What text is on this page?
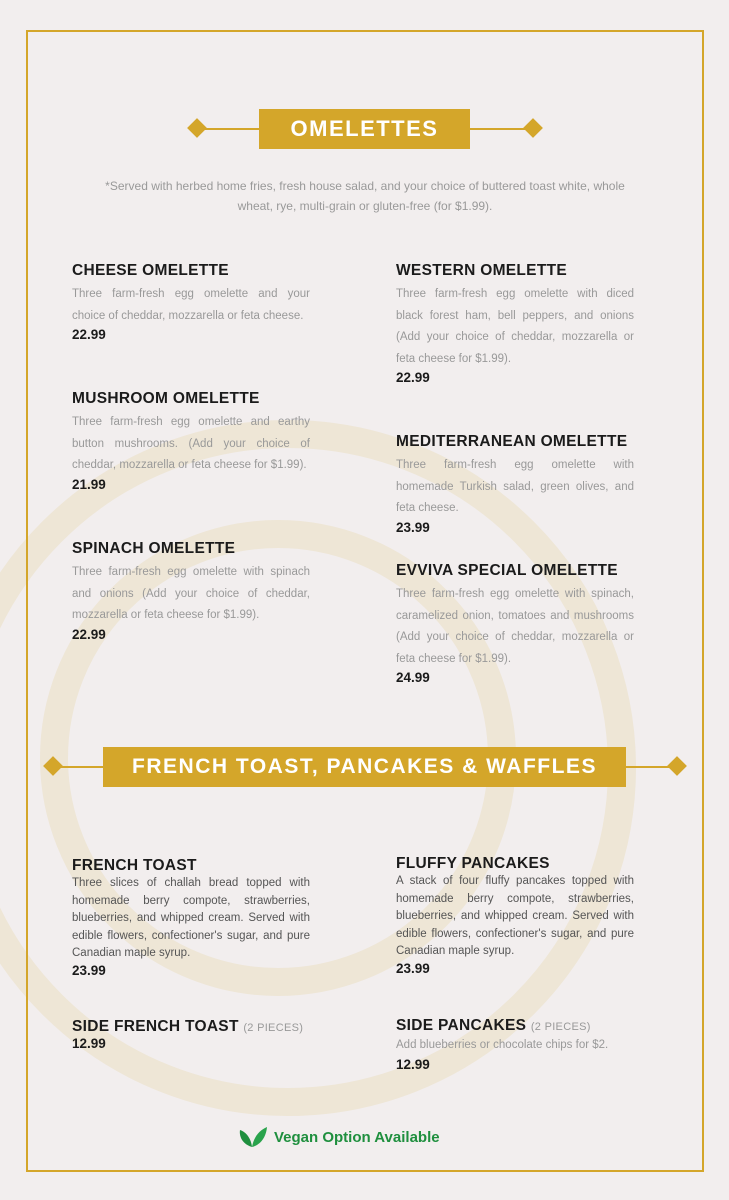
OMELETTES
*Served with herbed home fries, fresh house salad, and your choice of buttered toast white, whole wheat, rye, multi-grain or gluten-free (for $1.99).
CHEESE OMELETTE

Three farm-fresh egg omelette and your choice of cheddar, mozzarella or feta cheese.

22.99
MUSHROOM OMELETTE

Three farm-fresh egg omelette and earthy button mushrooms. (Add your choice of cheddar, mozzarella or feta cheese for $1.99).

21.99
SPINACH OMELETTE

Three farm-fresh egg omelette with spinach and onions (Add your choice of cheddar, mozzarella or feta cheese for $1.99).

22.99
WESTERN OMELETTE

Three farm-fresh egg omelette with diced black forest ham, bell peppers, and onions (Add your choice of cheddar, mozzarella or feta cheese for $1.99).

22.99
MEDITERRANEAN OMELETTE

Three farm-fresh egg omelette with homemade Turkish salad, green olives, and feta cheese.

23.99
EVVIVA SPECIAL OMELETTE

Three farm-fresh egg omelette with spinach, caramelized onion, tomatoes and mushrooms (Add your choice of cheddar, mozzarella or feta cheese for $1.99).

24.99
FRENCH TOAST, PANCAKES & WAFFLES
FRENCH TOAST

Three slices of challah bread topped with homemade berry compote, strawberries, blueberries, and whipped cream. Served with edible flowers, confectioner's sugar, and pure Canadian maple syrup.

23.99
SIDE FRENCH TOAST (2 PIECES)
12.99
FLUFFY PANCAKES

A stack of four fluffy pancakes topped with homemade berry compote, strawberries, blueberries, and whipped cream. Served with edible flowers, confectioner's sugar, and pure Canadian maple syrup.

23.99
SIDE PANCAKES (2 PIECES)

Add blueberries or chocolate chips for $2.

12.99
Vegan Option Available
